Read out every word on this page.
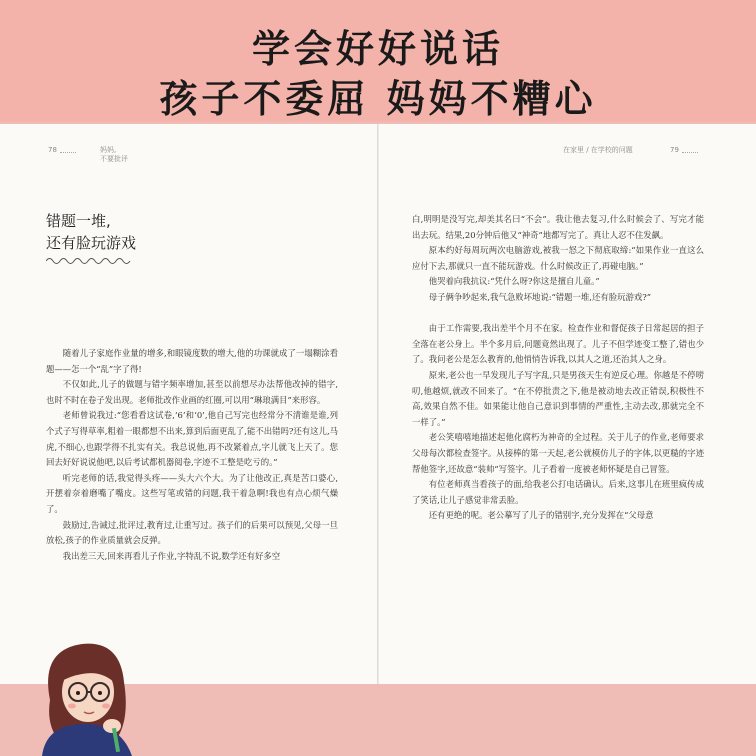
学会好好说话
孩子不委屈 妈妈不糟心
78	妈妈,
不要批评
错题一堆,
还有脸玩游戏

随着儿子家庭作业量的增多,和眼镜度数的增大,他的功课就成了一塌糊涂看题——怎一个“乱”字了得!

不仅如此,儿子的做题与错字频率增加,甚至以前想尽办法帮他改掉的错字,也时不时在卷子发出现。老师批改作业画的红圈,可以用“琳琅满目”来形容。

老师曾说我过:“您看看这试卷,‘6’和‘0’,他自己写完也经常分不清谁是谁,列个式子写得草率,粗着一眼都想不出来,算到后面更乱了,能不出错吗?还有这儿,马虎,不细心,也跟学得不扎实有关。我总说他,再不改紧着点,字儿就飞上天了。您回去好好说说他吧,以后考试都机器阅卷,字迹不工整是吃亏的。”

听完老师的话,我觉得头疼——头大六个大。为了让他改正,真是苦口婆心,开摆着奈着磨嘴了嘴皮。这些写笔或错的问题,我干着急啊!我也有点心烦气燥了。

鼓励过,告诫过,批评过,教育过,让重写过。孩子们的后果可以预见,父母一旦放松,孩子的作业质量就会反弹。

我出差三天,回来再看儿子作业,字特乱不说,数学还有好多空

在家里 / 在学校的问题	79

白,明明是没写完,却美其名曰“不会”。我让他去复习,什么时候会了、写完才能出去玩。结果,20分钟后他又“神奇”地都写完了。真让人忍不住发飙。

原本约好每周玩两次电脑游戏,被我一怒之下彻底取缔:“如果作业一直这么应付下去,那就只一直不能玩游戏。什么时候改正了,再碰电脑。”

他哭着向我抗议:“凭什么呀?你这是擅自儿童。”

母子俩争吵起来,我气急败坏地说:“错题一堆,还有脸玩游戏?”

由于工作需要,我出差半个月不在家。检查作业和督促孩子日常起居的担子全落在老公身上。半个多月后,问题竟然出现了。儿子不但学迹变工整了,错也少了。我问老公是怎么教育的,他悄悄告诉我,以其人之道,还治其人之身。

原来,老公也一早发现儿子写字乱,只是男孩天生有逆反心理。你越是不停唠叨,他越烦,就改不回来了。“在不停批责之下,他是被动地去改正错误,积极性不高,效果自然不佳。如果能让他自己意识到事情的严重性,主动去改,那就完全不一样了。”

老公笑嘻嘻地描述起他化腐朽为神奇的全过程。关于儿子的作业,老师要求父母每次都检查签字。从接棒的第一天起,老公就模仿儿子的字体,以更糙的字迹帮他签字,还故意“装帅”写签字。儿子看着一度被老师怀疑是自己冒签。

有位老师真当看孩子的面,给我老公打电话确认。后来,这事儿在班里疯传成了笑话,让儿子感觉非常丢脸。

还有更绝的呢。老公摹写了儿子的错别字,充分发挥在“父母意
